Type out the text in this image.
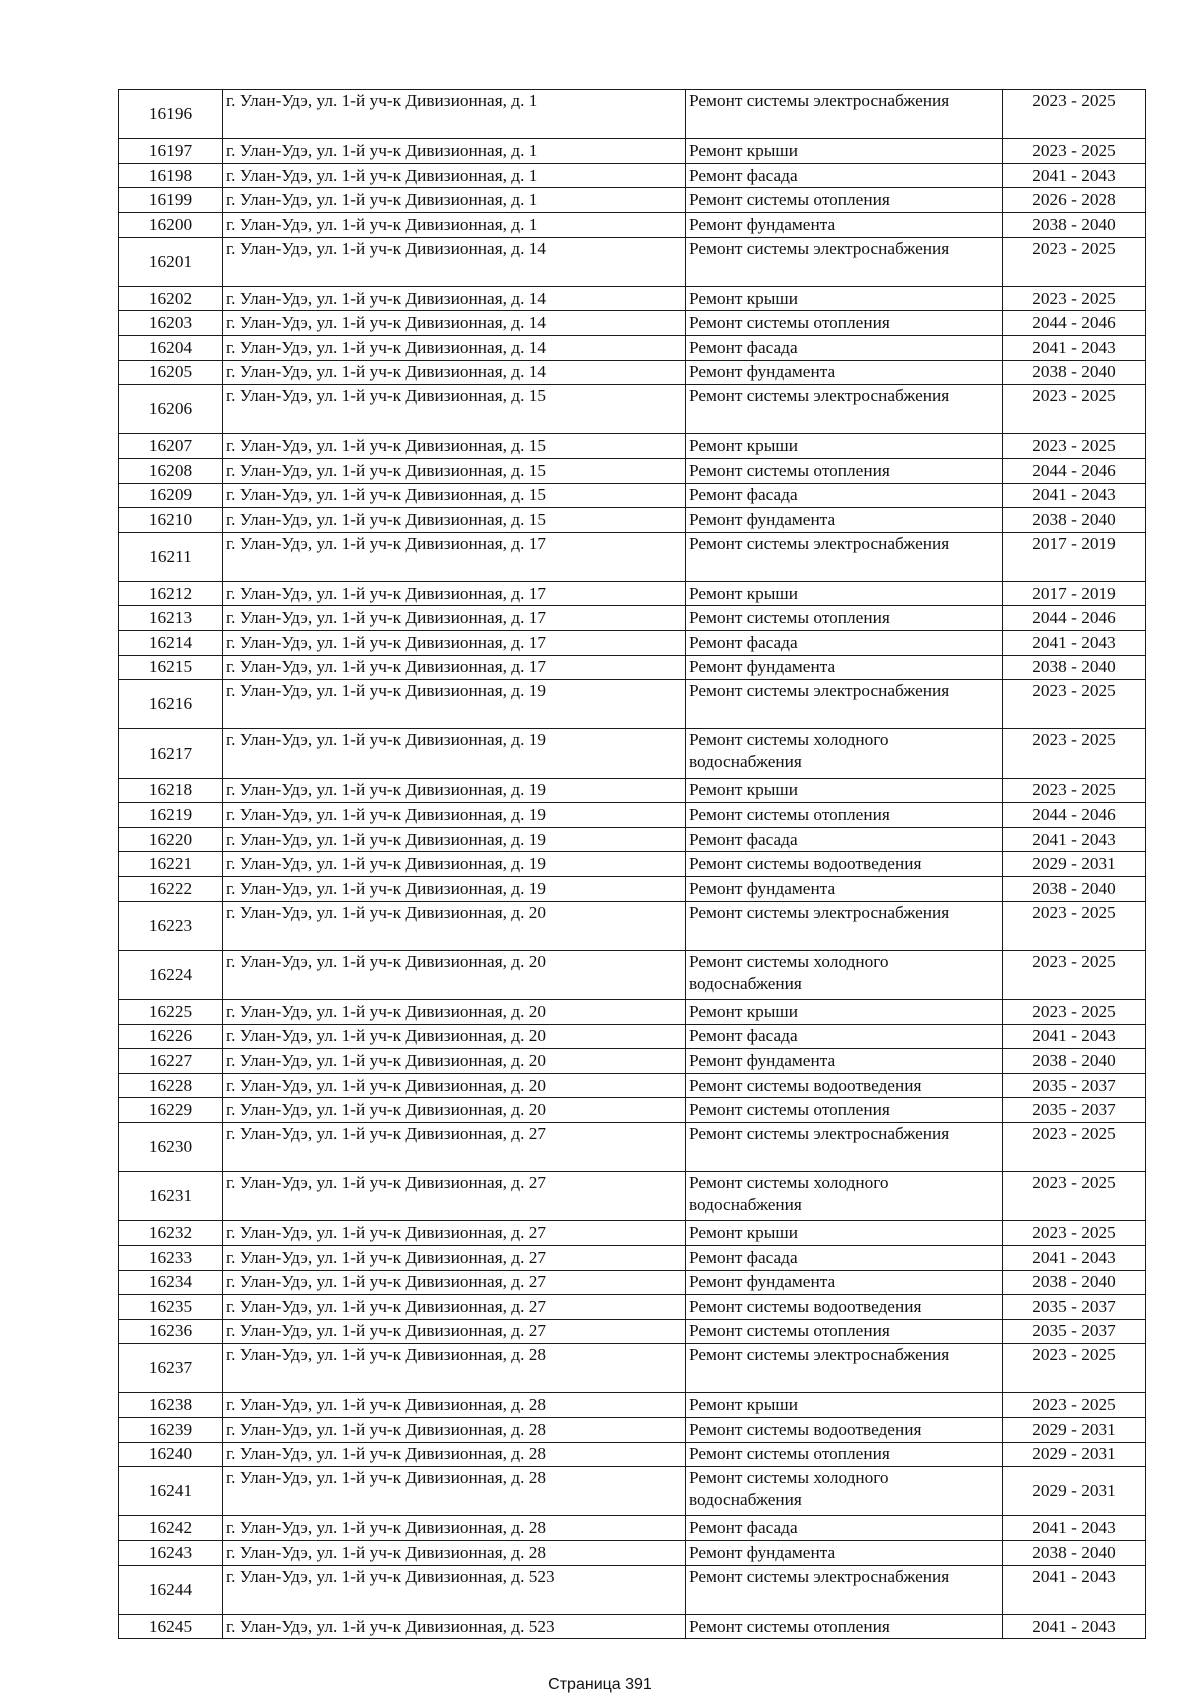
16196	г. Улан-Удэ, ул. 1-й уч-к Дивизионная, д. 1	Ремонт системы электроснабжения	2023 - 2025
16197	г. Улан-Удэ, ул. 1-й уч-к Дивизионная, д. 1	Ремонт крыши	2023 - 2025
16198	г. Улан-Удэ, ул. 1-й уч-к Дивизионная, д. 1	Ремонт фасада	2041 - 2043
16199	г. Улан-Удэ, ул. 1-й уч-к Дивизионная, д. 1	Ремонт системы отопления	2026 - 2028
16200	г. Улан-Удэ, ул. 1-й уч-к Дивизионная, д. 1	Ремонт фундамента	2038 - 2040
16201	г. Улан-Удэ, ул. 1-й уч-к Дивизионная, д. 14	Ремонт системы электроснабжения	2023 - 2025
16202	г. Улан-Удэ, ул. 1-й уч-к Дивизионная, д. 14	Ремонт крыши	2023 - 2025
16203	г. Улан-Удэ, ул. 1-й уч-к Дивизионная, д. 14	Ремонт системы отопления	2044 - 2046
16204	г. Улан-Удэ, ул. 1-й уч-к Дивизионная, д. 14	Ремонт фасада	2041 - 2043
16205	г. Улан-Удэ, ул. 1-й уч-к Дивизионная, д. 14	Ремонт фундамента	2038 - 2040
16206	г. Улан-Удэ, ул. 1-й уч-к Дивизионная, д. 15	Ремонт системы электроснабжения	2023 - 2025
16207	г. Улан-Удэ, ул. 1-й уч-к Дивизионная, д. 15	Ремонт крыши	2023 - 2025
16208	г. Улан-Удэ, ул. 1-й уч-к Дивизионная, д. 15	Ремонт системы отопления	2044 - 2046
16209	г. Улан-Удэ, ул. 1-й уч-к Дивизионная, д. 15	Ремонт фасада	2041 - 2043
16210	г. Улан-Удэ, ул. 1-й уч-к Дивизионная, д. 15	Ремонт фундамента	2038 - 2040
16211	г. Улан-Удэ, ул. 1-й уч-к Дивизионная, д. 17	Ремонт системы электроснабжения	2017 - 2019
16212	г. Улан-Удэ, ул. 1-й уч-к Дивизионная, д. 17	Ремонт крыши	2017 - 2019
16213	г. Улан-Удэ, ул. 1-й уч-к Дивизионная, д. 17	Ремонт системы отопления	2044 - 2046
16214	г. Улан-Удэ, ул. 1-й уч-к Дивизионная, д. 17	Ремонт фасада	2041 - 2043
16215	г. Улан-Удэ, ул. 1-й уч-к Дивизионная, д. 17	Ремонт фундамента	2038 - 2040
16216	г. Улан-Удэ, ул. 1-й уч-к Дивизионная, д. 19	Ремонт системы электроснабжения	2023 - 2025
16217	г. Улан-Удэ, ул. 1-й уч-к Дивизионная, д. 19	Ремонт системы холодного водоснабжения	2023 - 2025
16218	г. Улан-Удэ, ул. 1-й уч-к Дивизионная, д. 19	Ремонт крыши	2023 - 2025
16219	г. Улан-Удэ, ул. 1-й уч-к Дивизионная, д. 19	Ремонт системы отопления	2044 - 2046
16220	г. Улан-Удэ, ул. 1-й уч-к Дивизионная, д. 19	Ремонт фасада	2041 - 2043
16221	г. Улан-Удэ, ул. 1-й уч-к Дивизионная, д. 19	Ремонт системы водоотведения	2029 - 2031
16222	г. Улан-Удэ, ул. 1-й уч-к Дивизионная, д. 19	Ремонт фундамента	2038 - 2040
16223	г. Улан-Удэ, ул. 1-й уч-к Дивизионная, д. 20	Ремонт системы электроснабжения	2023 - 2025
16224	г. Улан-Удэ, ул. 1-й уч-к Дивизионная, д. 20	Ремонт системы холодного водоснабжения	2023 - 2025
16225	г. Улан-Удэ, ул. 1-й уч-к Дивизионная, д. 20	Ремонт крыши	2023 - 2025
16226	г. Улан-Удэ, ул. 1-й уч-к Дивизионная, д. 20	Ремонт фасада	2041 - 2043
16227	г. Улан-Удэ, ул. 1-й уч-к Дивизионная, д. 20	Ремонт фундамента	2038 - 2040
16228	г. Улан-Удэ, ул. 1-й уч-к Дивизионная, д. 20	Ремонт системы водоотведения	2035 - 2037
16229	г. Улан-Удэ, ул. 1-й уч-к Дивизионная, д. 20	Ремонт системы отопления	2035 - 2037
16230	г. Улан-Удэ, ул. 1-й уч-к Дивизионная, д. 27	Ремонт системы электроснабжения	2023 - 2025
16231	г. Улан-Удэ, ул. 1-й уч-к Дивизионная, д. 27	Ремонт системы холодного водоснабжения	2023 - 2025
16232	г. Улан-Удэ, ул. 1-й уч-к Дивизионная, д. 27	Ремонт крыши	2023 - 2025
16233	г. Улан-Удэ, ул. 1-й уч-к Дивизионная, д. 27	Ремонт фасада	2041 - 2043
16234	г. Улан-Удэ, ул. 1-й уч-к Дивизионная, д. 27	Ремонт фундамента	2038 - 2040
16235	г. Улан-Удэ, ул. 1-й уч-к Дивизионная, д. 27	Ремонт системы водоотведения	2035 - 2037
16236	г. Улан-Удэ, ул. 1-й уч-к Дивизионная, д. 27	Ремонт системы отопления	2035 - 2037
16237	г. Улан-Удэ, ул. 1-й уч-к Дивизионная, д. 28	Ремонт системы электроснабжения	2023 - 2025
16238	г. Улан-Удэ, ул. 1-й уч-к Дивизионная, д. 28	Ремонт крыши	2023 - 2025
16239	г. Улан-Удэ, ул. 1-й уч-к Дивизионная, д. 28	Ремонт системы водоотведения	2029 - 2031
16240	г. Улан-Удэ, ул. 1-й уч-к Дивизионная, д. 28	Ремонт системы отопления	2029 - 2031
16241	г. Улан-Удэ, ул. 1-й уч-к Дивизионная, д. 28	Ремонт системы холодного водоснабжения	2029 - 2031
16242	г. Улан-Удэ, ул. 1-й уч-к Дивизионная, д. 28	Ремонт фасада	2041 - 2043
16243	г. Улан-Удэ, ул. 1-й уч-к Дивизионная, д. 28	Ремонт фундамента	2038 - 2040
16244	г. Улан-Удэ, ул. 1-й уч-к Дивизионная, д. 523	Ремонт системы электроснабжения	2041 - 2043
16245	г. Улан-Удэ, ул. 1-й уч-к Дивизионная, д. 523	Ремонт системы отопления	2041 - 2043
Страница 391
